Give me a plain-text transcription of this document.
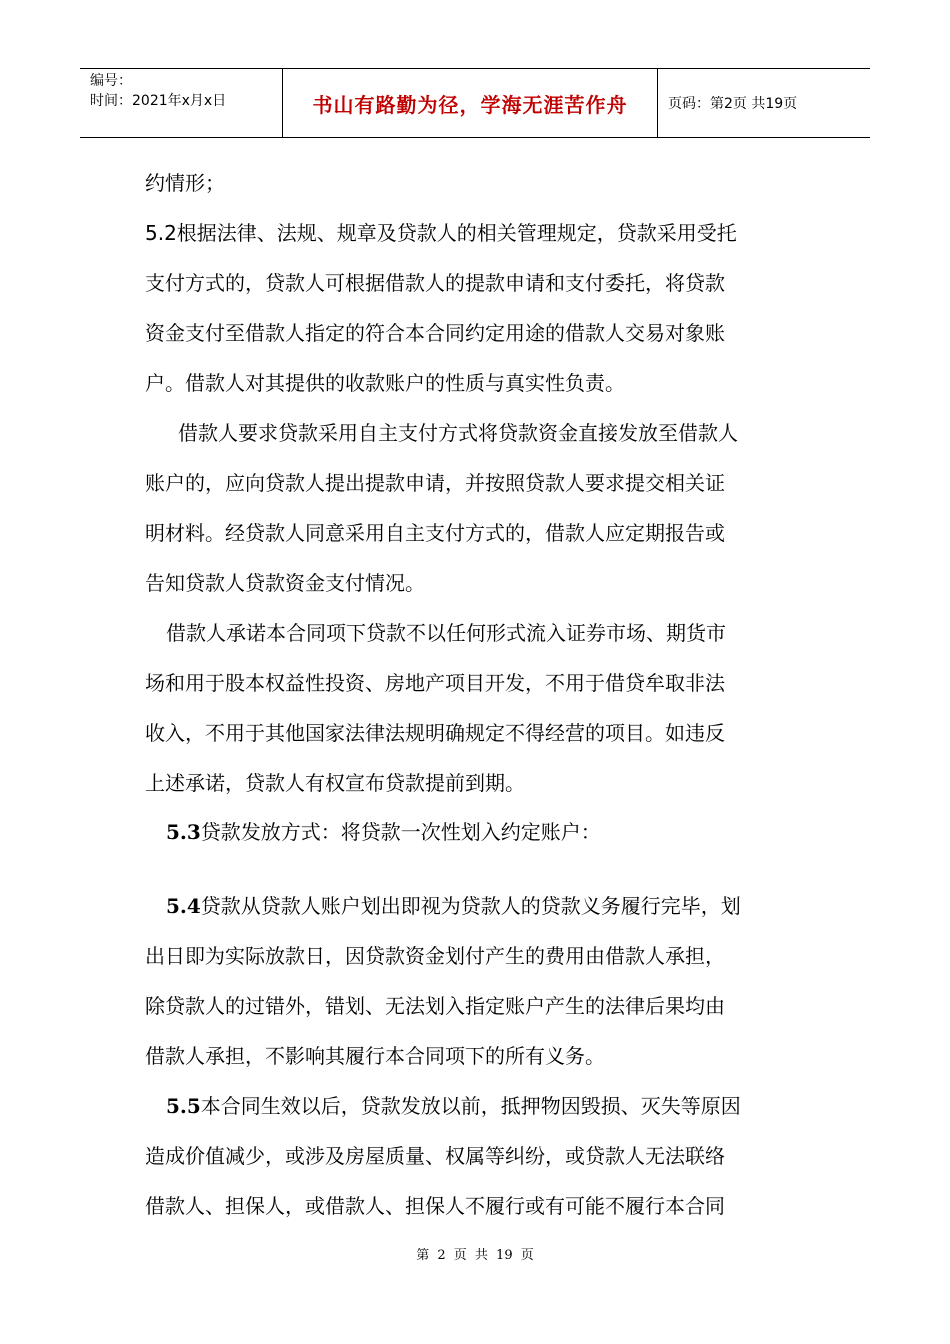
编号：
时间：2021年x月x日	书山有路勤为径，学海无涯苦作舟	页码：第2页 共19页
约情形；
5.2根据法律、法规、规章及贷款人的相关管理规定，贷款采用受托
支付方式的，贷款人可根据借款人的提款申请和支付委托，将贷款
资金支付至借款人指定的符合本合同约定用途的借款人交易对象账
户。借款人对其提供的收款账户的性质与真实性负责。
借款人要求贷款采用自主支付方式将贷款资金直接发放至借款人
账户的，应向贷款人提出提款申请，并按照贷款人要求提交相关证
明材料。经贷款人同意采用自主支付方式的，借款人应定期报告或
告知贷款人贷款资金支付情况。
借款人承诺本合同项下贷款不以任何形式流入证券市场、期货市
场和用于股本权益性投资、房地产项目开发，不用于借贷牟取非法
收入，不用于其他国家法律法规明确规定不得经营的项目。如违反
上述承诺，贷款人有权宣布贷款提前到期。
5.3贷款发放方式：将贷款一次性划入约定账户：
5.4贷款从贷款人账户划出即视为贷款人的贷款义务履行完毕，划
出日即为实际放款日，因贷款资金划付产生的费用由借款人承担，
除贷款人的过错外，错划、无法划入指定账户产生的法律后果均由
借款人承担，不影响其履行本合同项下的所有义务。
5.5本合同生效以后，贷款发放以前，抵押物因毁损、灭失等原因
造成价值减少，或涉及房屋质量、权属等纠纷，或贷款人无法联络
借款人、担保人，或借款人、担保人不履行或有可能不履行本合同
第 2 页 共 19 页
